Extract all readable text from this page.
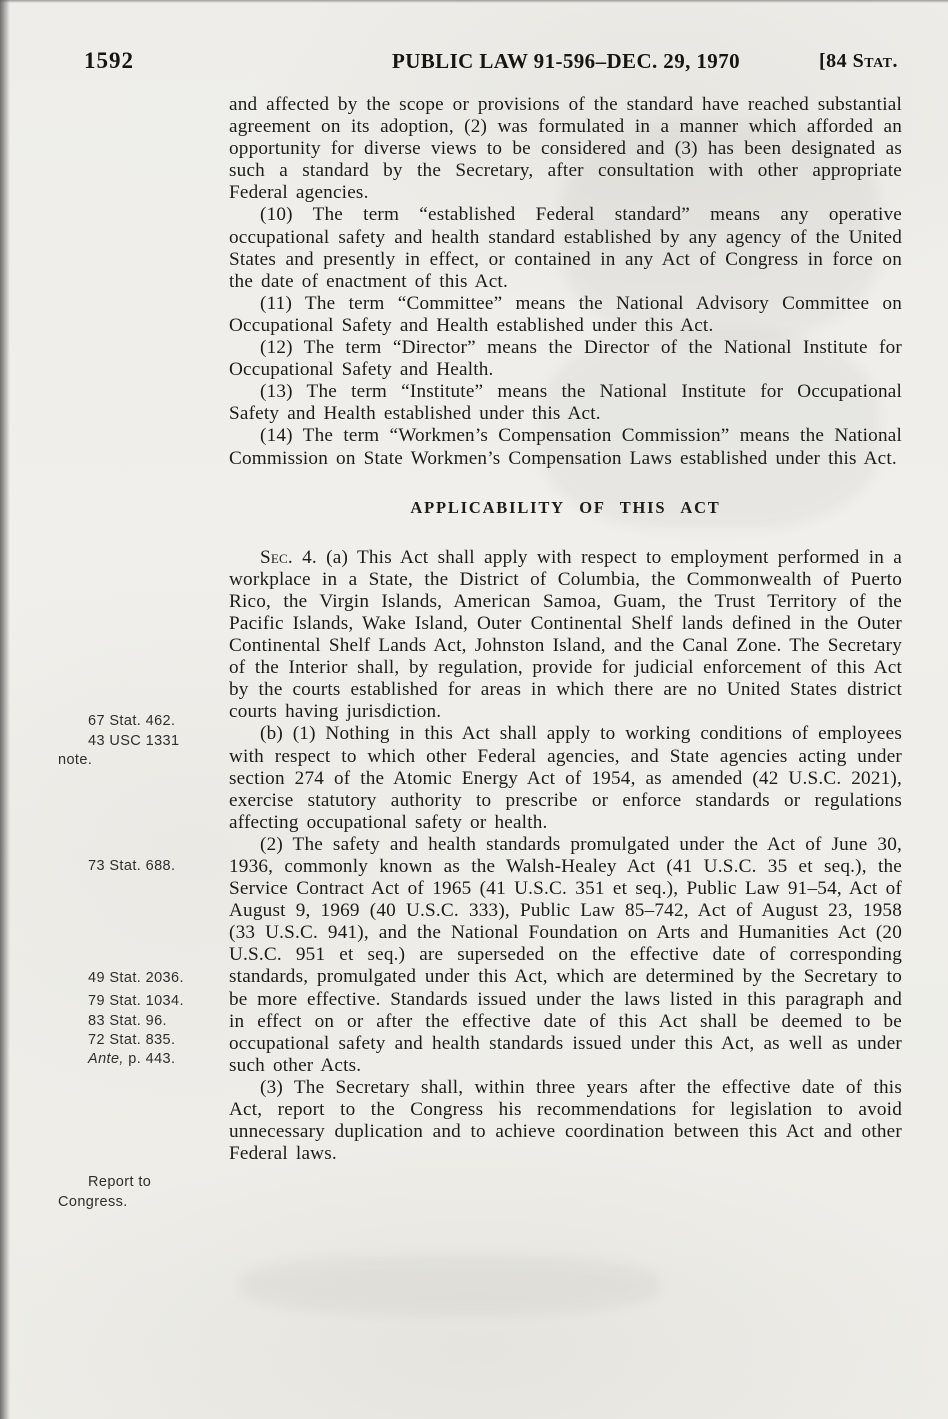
1592	PUBLIC LAW 91-596–DEC. 29, 1970	[84 Stat.
67 Stat. 462.
43 USC 1331
note.
73 Stat. 688.
49 Stat. 2036.
79 Stat. 1034.
83 Stat. 96.
72 Stat. 835.
Ante, p. 443.
Report to
Congress.

and affected by the scope or provisions of the standard have reached substantial agreement on its adoption, (2) was formulated in a manner which afforded an opportunity for diverse views to be considered and (3) has been designated as such a standard by the Secretary, after consultation with other appropriate Federal agencies.

(10) The term “established Federal standard” means any operative occupational safety and health standard established by any agency of the United States and presently in effect, or contained in any Act of Congress in force on the date of enactment of this Act.

(11) The term “Committee” means the National Advisory Committee on Occupational Safety and Health established under this Act.

(12) The term “Director” means the Director of the National Institute for Occupational Safety and Health.

(13) The term “Institute” means the National Institute for Occupational Safety and Health established under this Act.

(14) The term “Workmen’s Compensation Commission” means the National Commission on State Workmen’s Compensation Laws established under this Act.

APPLICABILITY OF THIS ACT

Sec. 4. (a) This Act shall apply with respect to employment performed in a workplace in a State, the District of Columbia, the Commonwealth of Puerto Rico, the Virgin Islands, American Samoa, Guam, the Trust Territory of the Pacific Islands, Wake Island, Outer Continental Shelf lands defined in the Outer Continental Shelf Lands Act, Johnston Island, and the Canal Zone. The Secretary of the Interior shall, by regulation, provide for judicial enforcement of this Act by the courts established for areas in which there are no United States district courts having jurisdiction.

(b) (1) Nothing in this Act shall apply to working conditions of employees with respect to which other Federal agencies, and State agencies acting under section 274 of the Atomic Energy Act of 1954, as amended (42 U.S.C. 2021), exercise statutory authority to prescribe or enforce standards or regulations affecting occupational safety or health.

(2) The safety and health standards promulgated under the Act of June 30, 1936, commonly known as the Walsh-Healey Act (41 U.S.C. 35 et seq.), the Service Contract Act of 1965 (41 U.S.C. 351 et seq.), Public Law 91–54, Act of August 9, 1969 (40 U.S.C. 333), Public Law 85–742, Act of August 23, 1958 (33 U.S.C. 941), and the National Foundation on Arts and Humanities Act (20 U.S.C. 951 et seq.) are superseded on the effective date of corresponding standards, promulgated under this Act, which are determined by the Secretary to be more effective. Standards issued under the laws listed in this paragraph and in effect on or after the effective date of this Act shall be deemed to be occupational safety and health standards issued under this Act, as well as under such other Acts.

(3) The Secretary shall, within three years after the effective date of this Act, report to the Congress his recommendations for legislation to avoid unnecessary duplication and to achieve coordination between this Act and other Federal laws.
